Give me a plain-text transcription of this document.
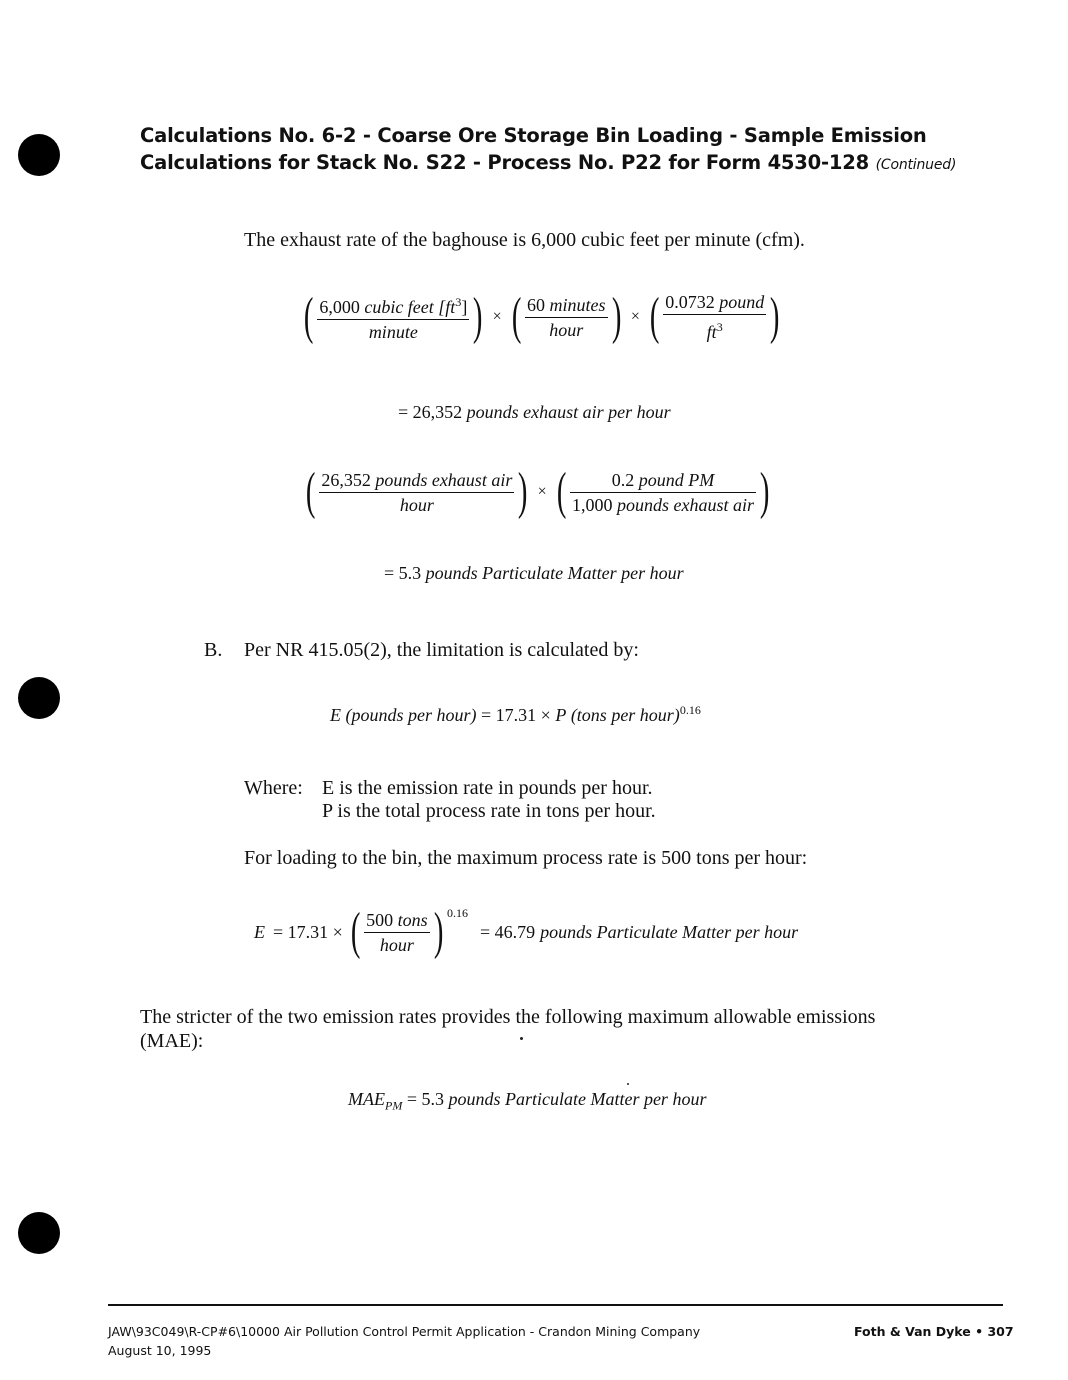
Calculations No. 6-2 - Coarse Ore Storage Bin Loading - Sample Emission
Calculations for Stack No. S22 - Process No. P22 for Form 4530-128 (Continued)
The exhaust rate of the baghouse is 6,000 cubic feet per minute (cfm).
( $\frac{6,000 cubic feet [ft^3]}{\text{minute}}$ ) × ( $\frac{\text{60 minutes}}{\text{hour}}$ ) × ( $\frac{\text{0.0732 pound}}{ft^3}$ )
= 26,352 pounds exhaust air per hour
( $\frac{\text{26,352 pounds exhaust air}}{\text{hour}}$ ) × ( $\frac{\text{0.2 pound PM}}{\text{1,000 pounds exhaust air}}$ )
= 5.3 pounds Particulate Matter per hour
B. Per NR 415.05(2), the limitation is calculated by:
E (pounds per hour) = 17.31 × P (tons per hour)$^{0.16}$
Where: E is the emission rate in pounds per hour.
P is the total process rate in tons per hour.
For loading to the bin, the maximum process rate is 500 tons per hour:
E = 17.31 × ( $\frac{\text{500 tons}}{\text{hour}}$ ) $^{0.16}$
= 46.79 pounds Particulate Matter per hour
The stricter of the two emission rates provides the following maximum allowable emissions
(MAE):
$MAE_{PM} = 5.3$ pounds Particulate Matter per hour
JAW\93C049\R-CP#6\10000 Air Pollution Control Permit Application - Crandon Mining Company
August 10, 1995
Foth & Van Dyke • 307
